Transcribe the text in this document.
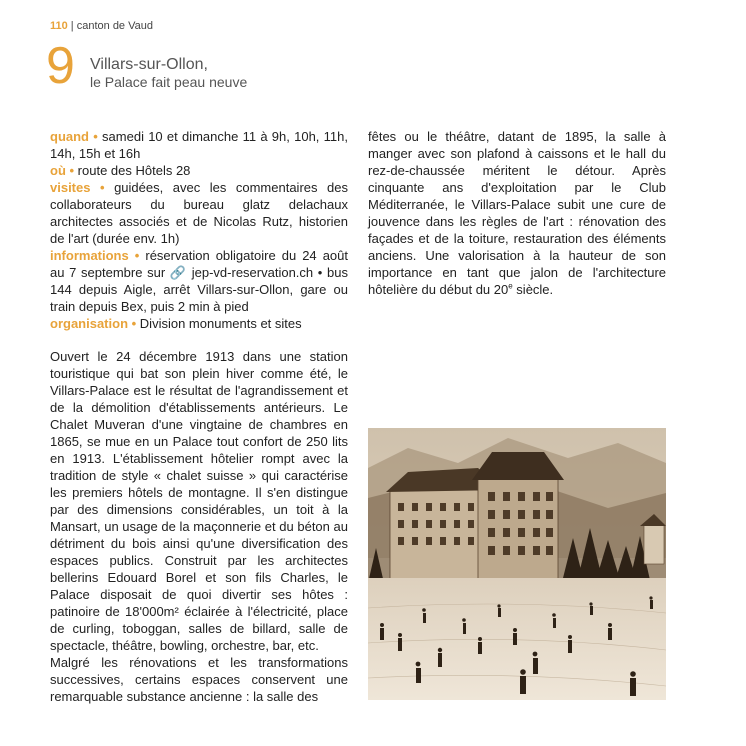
110 | canton de Vaud
9 Villars-sur-Ollon,
le Palace fait peau neuve

quand • samedi 10 et dimanche 11 à 9h, 10h, 11h, 14h, 15h et 16h

où • route des Hôtels 28

visites • guidées, avec les commentaires des collaborateurs du bureau glatz delachaux architectes associés et de Nicolas Rutz, historien de l'art (durée env. 1h)

informations • réservation obligatoire du 24 août au 7 septembre sur 🔗 jep-vd-reservation.ch • bus 144 depuis Aigle, arrêt Villars-sur-Ollon, gare ou train depuis Bex, puis 2 min à pied

organisation • Division monuments et sites

Ouvert le 24 décembre 1913 dans une station touristique qui bat son plein hiver comme été, le Villars-Palace est le résultat de l'agrandissement et de la démolition d'établissements antérieurs. Le Chalet Muveran d'une vingtaine de chambres en 1865, se mue en un Palace tout confort de 250 lits en 1913. L'établissement hôtelier rompt avec la tradition de style « chalet suisse » qui caractérise les premiers hôtels de montagne. Il s'en distingue par des dimensions considérables, un toit à la Mansart, un usage de la maçonnerie et du béton au détriment du bois ainsi qu'une diversification des espaces publics. Construit par les architectes bellerins Edouard Borel et son fils Charles, le Palace disposait de quoi divertir ses hôtes : patinoire de 18'000m² éclairée à l'électricité, place de curling, toboggan, salles de billard, salle de spectacle, théâtre, bowling, orchestre, bar, etc.

Malgré les rénovations et les transformations successives, certains espaces conservent une remarquable substance ancienne : la salle des

fêtes ou le théâtre, datant de 1895, la salle à manger avec son plafond à caissons et le hall du rez-de-chaussée méritent le détour. Après cinquante ans d'exploitation par le Club Méditerranée, le Villars-Palace subit une cure de jouvence dans les règles de l'art : rénovation des façades et de la toiture, restauration des éléments anciens. Une valorisation à la hauteur de son importance en tant que jalon de l'architecture hôtelière du début du 20e siècle.
